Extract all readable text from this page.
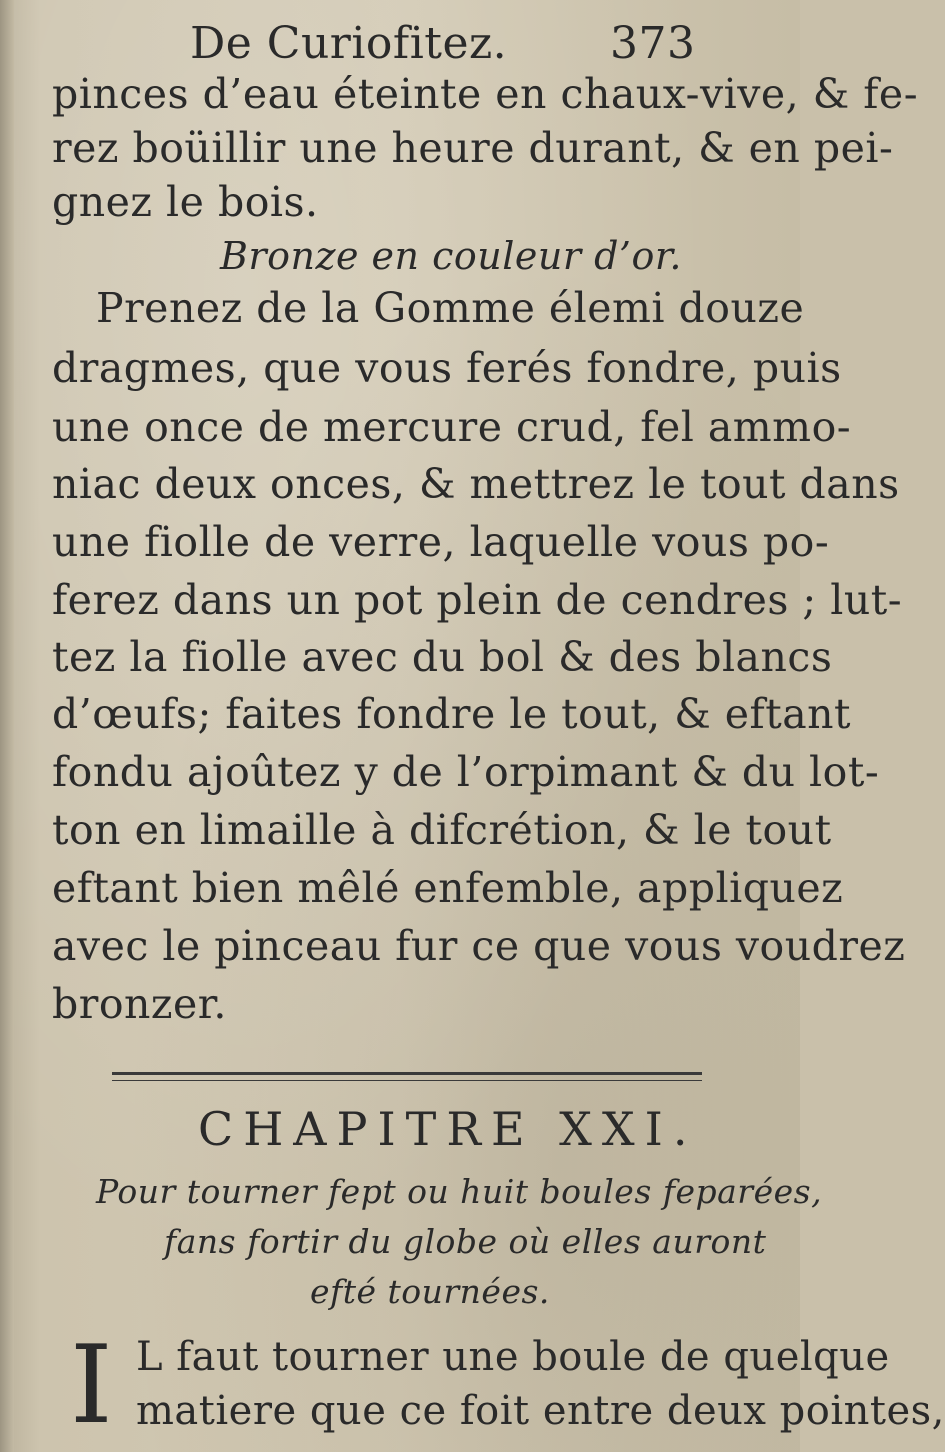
De Curiofitez. 373
pinces d’eau éteinte en chaux-vive, & fe-
rez boüillir une heure durant, & en pei-
gnez le bois.
Bronze en couleur d’or.
Prenez de la Gomme élemi douze
dragmes, que vous ferés fondre, puis
une once de mercure crud, fel ammo-
niac deux onces, & mettrez le tout dans
une fiolle de verre, laquelle vous po-
ferez dans un pot plein de cendres ; lut-
tez la fiolle avec du bol & des blancs
d’œufs; faites fondre le tout, & eftant
fondu ajoûtez y de l’orpimant & du lot-
ton en limaille à difcrétion, & le tout
eftant bien mêlé enfemble, appliquez
avec le pinceau fur ce que vous voudrez
bronzer.
CHAPITRE XXI.
Pour tourner fept ou huit boules feparées,
fans fortir du globe où elles auront
efté tournées.
I L faut tourner une boule de quelque
matiere que ce foit entre deux pointes,
